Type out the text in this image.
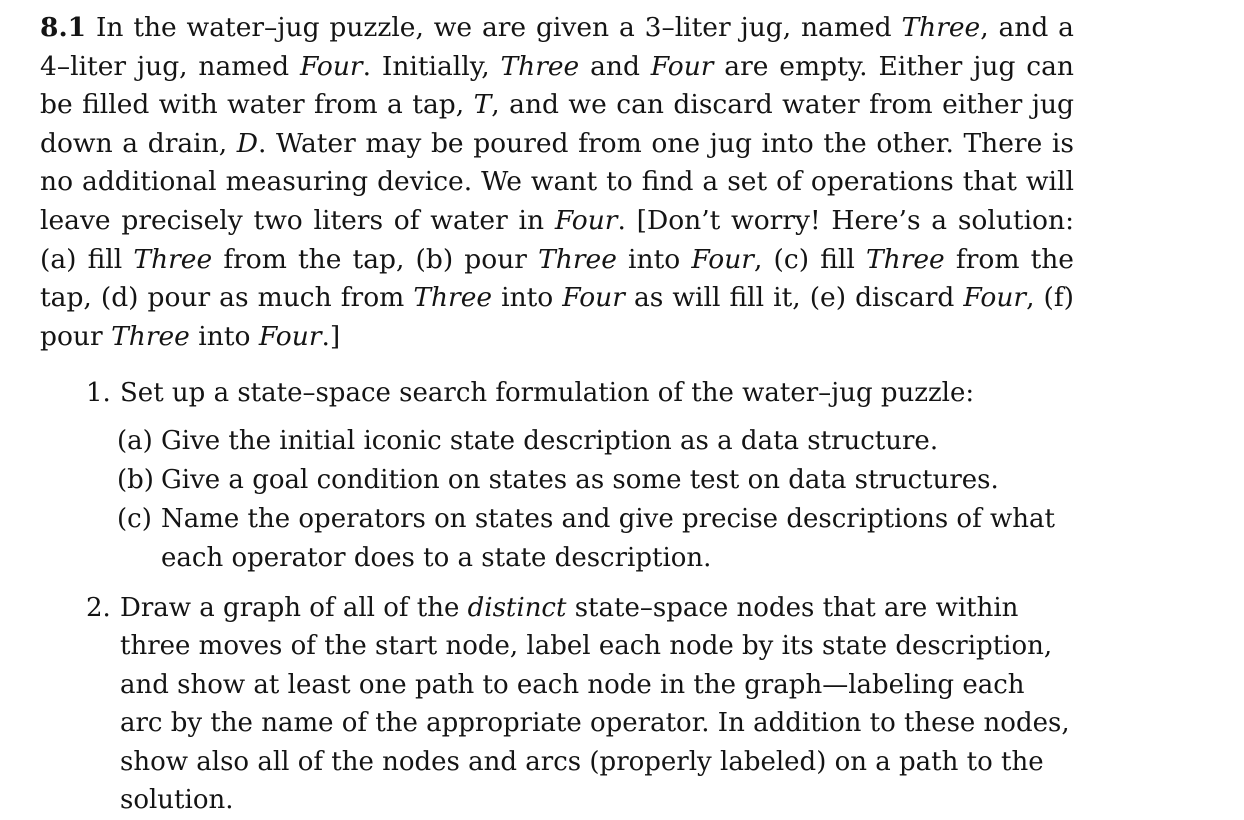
8.1 In the water–jug puzzle, we are given a 3–liter jug, named Three, and a 4–liter jug, named Four. Initially, Three and Four are empty. Either jug can be filled with water from a tap, T, and we can discard water from either jug down a drain, D. Water may be poured from one jug into the other. There is no additional measuring device. We want to find a set of operations that will leave precisely two liters of water in Four. [Don’t worry! Here’s a solution: (a) fill Three from the tap, (b) pour Three into Four, (c) fill Three from the tap, (d) pour as much from Three into Four as will fill it, (e) discard Four, (f) pour Three into Four.]

1. Set up a state–space search formulation of the water–jug puzzle:
(a) Give the initial iconic state description as a data structure.
(b) Give a goal condition on states as some test on data structures.
(c) Name the operators on states and give precise descriptions of what each operator does to a state description.
2. Draw a graph of all of the distinct state–space nodes that are within three moves of the start node, label each node by its state description, and show at least one path to each node in the graph—labeling each arc by the name of the appropriate operator. In addition to these nodes, show also all of the nodes and arcs (properly labeled) on a path to the solution.
